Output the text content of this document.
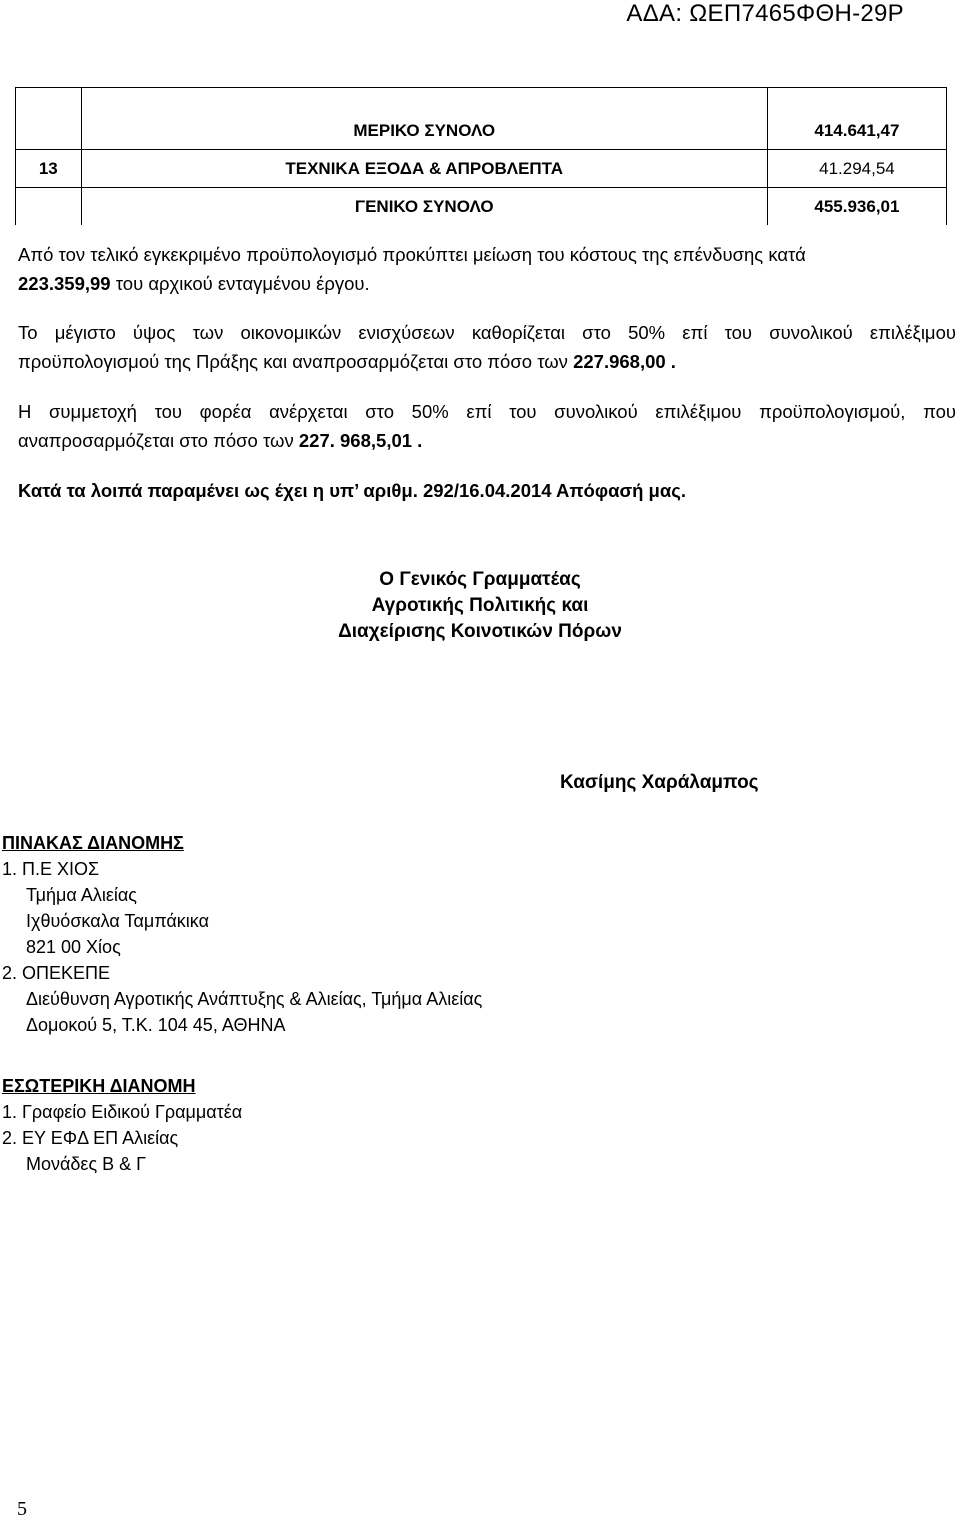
ΑΔΑ: ΩΕΠ7465ΦΘΗ-29Ρ

	ΜΕΡΙΚΟ ΣΥΝΟΛΟ	414.641,47
13	ΤΕΧΝΙΚΑ ΕΞΟΔΑ & ΑΠΡΟΒΛΕΠΤΑ	41.294,54
	ΓΕΝΙΚΟ ΣΥΝΟΛΟ	455.936,01
Από τον τελικό εγκεκριμένο προϋπολογισμό προκύπτει μείωση του κόστους της επένδυσης κατά
223.359,99 του αρχικού ενταγμένου έργου.
Το μέγιστο ύψος των οικονομικών ενισχύσεων καθορίζεται στο 50% επί του συνολικού επιλέξιμου προϋπολογισμού της Πράξης και αναπροσαρμόζεται στο πόσο των 227.968,00 .
Η συμμετοχή του φορέα ανέρχεται στο 50% επί του συνολικού επιλέξιμου προϋπολογισμού, που αναπροσαρμόζεται στο πόσο των 227. 968,5,01 .
Κατά τα λοιπά παραμένει ως έχει η υπ’ αριθμ. 292/16.04.2014 Απόφασή μας.
Ο Γενικός Γραμματέας
Αγροτικής Πολιτικής και
Διαχείρισης Κοινοτικών Πόρων
Κασίμης Χαράλαμπος
ΠΙΝΑΚΑΣ ΔΙΑΝΟΜΗΣ
1. Π.Ε ΧΙΟΣ
Τμήμα Αλιείας
Ιχθυόσκαλα Ταμπάκικα
821 00 Χίος
2. ΟΠΕΚΕΠΕ
Διεύθυνση Αγροτικής Ανάπτυξης & Αλιείας, Τμήμα Αλιείας
Δομοκού 5, Τ.Κ. 104 45, ΑΘΗΝΑ
ΕΣΩΤΕΡΙΚΗ ΔΙΑΝΟΜΗ
1. Γραφείο Ειδικού Γραμματέα
2. ΕΥ ΕΦΔ ΕΠ Αλιείας
Μονάδες Β & Γ
5
